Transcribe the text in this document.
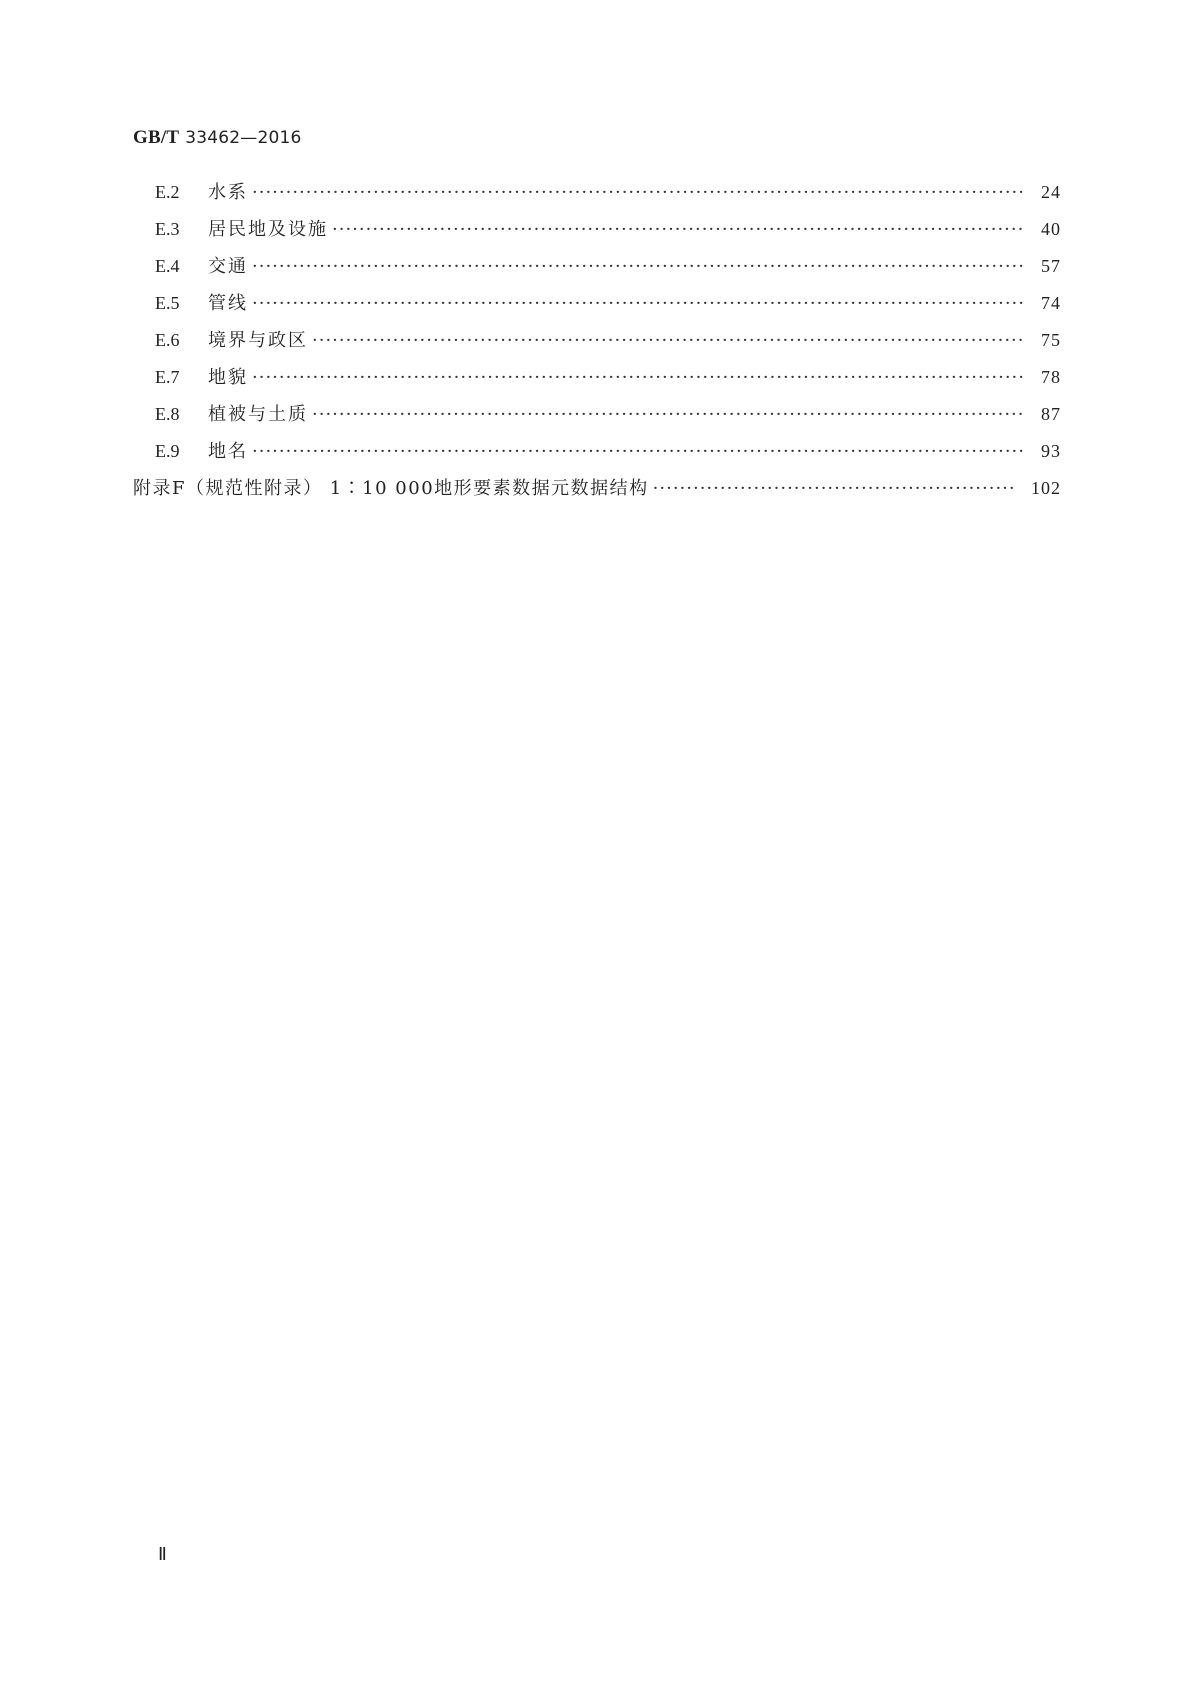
GB/T 33462—2016
E.2	水系 ·····	24
E.3	居民地及设施 ·····	40
E.4	交通 ·····	57
E.5	管线 ·····	74
E.6	境界与政区 ·····	75
E.7	地貌 ·····	78
E.8	植被与土质 ·····	87
E.9	地名 ·····	93
附录F（规范性附录） 1∶10 000地形要素数据元数据结构 ·····	102
Ⅱ
